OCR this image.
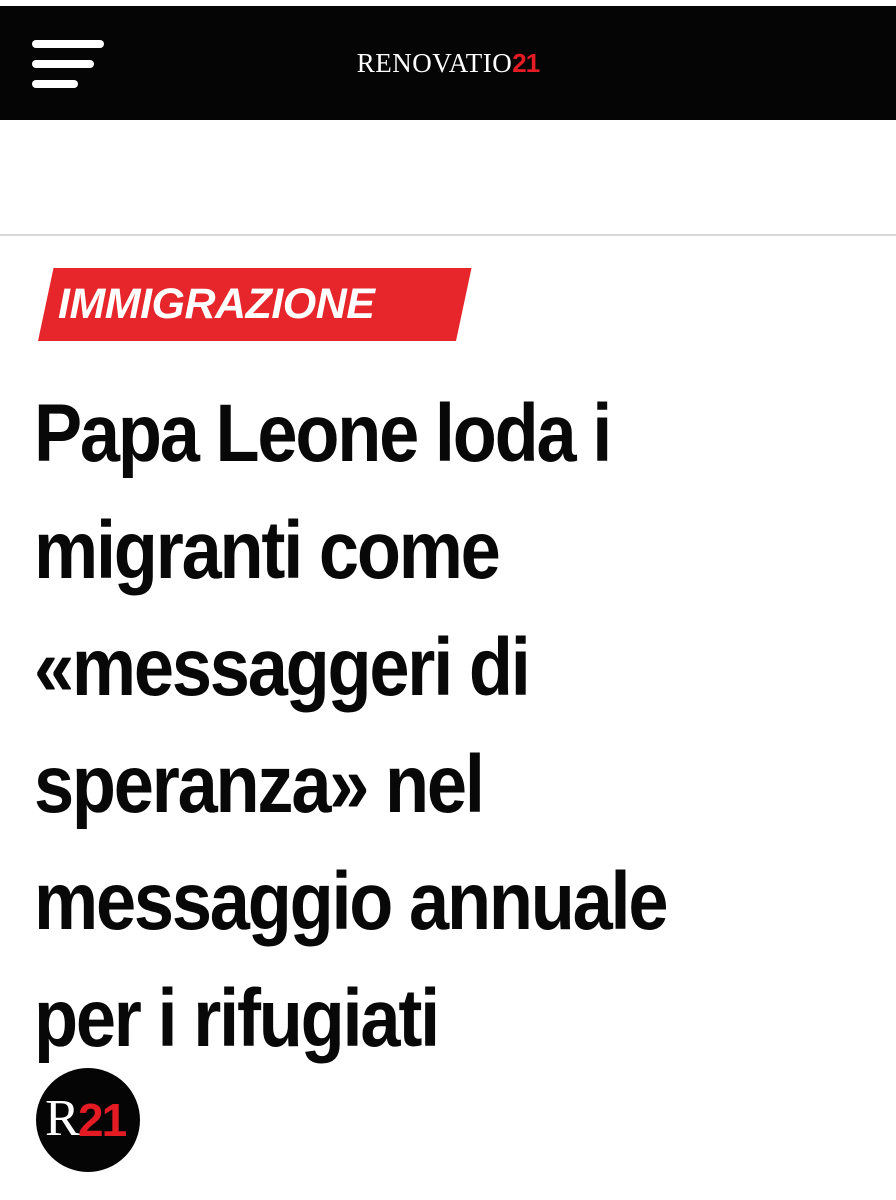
RENOVATIO21
IMMIGRAZIONE
Papa Leone loda i
migranti come
«messaggeri di
speranza» nel
messaggio annuale
per i rifugiati
R
21
